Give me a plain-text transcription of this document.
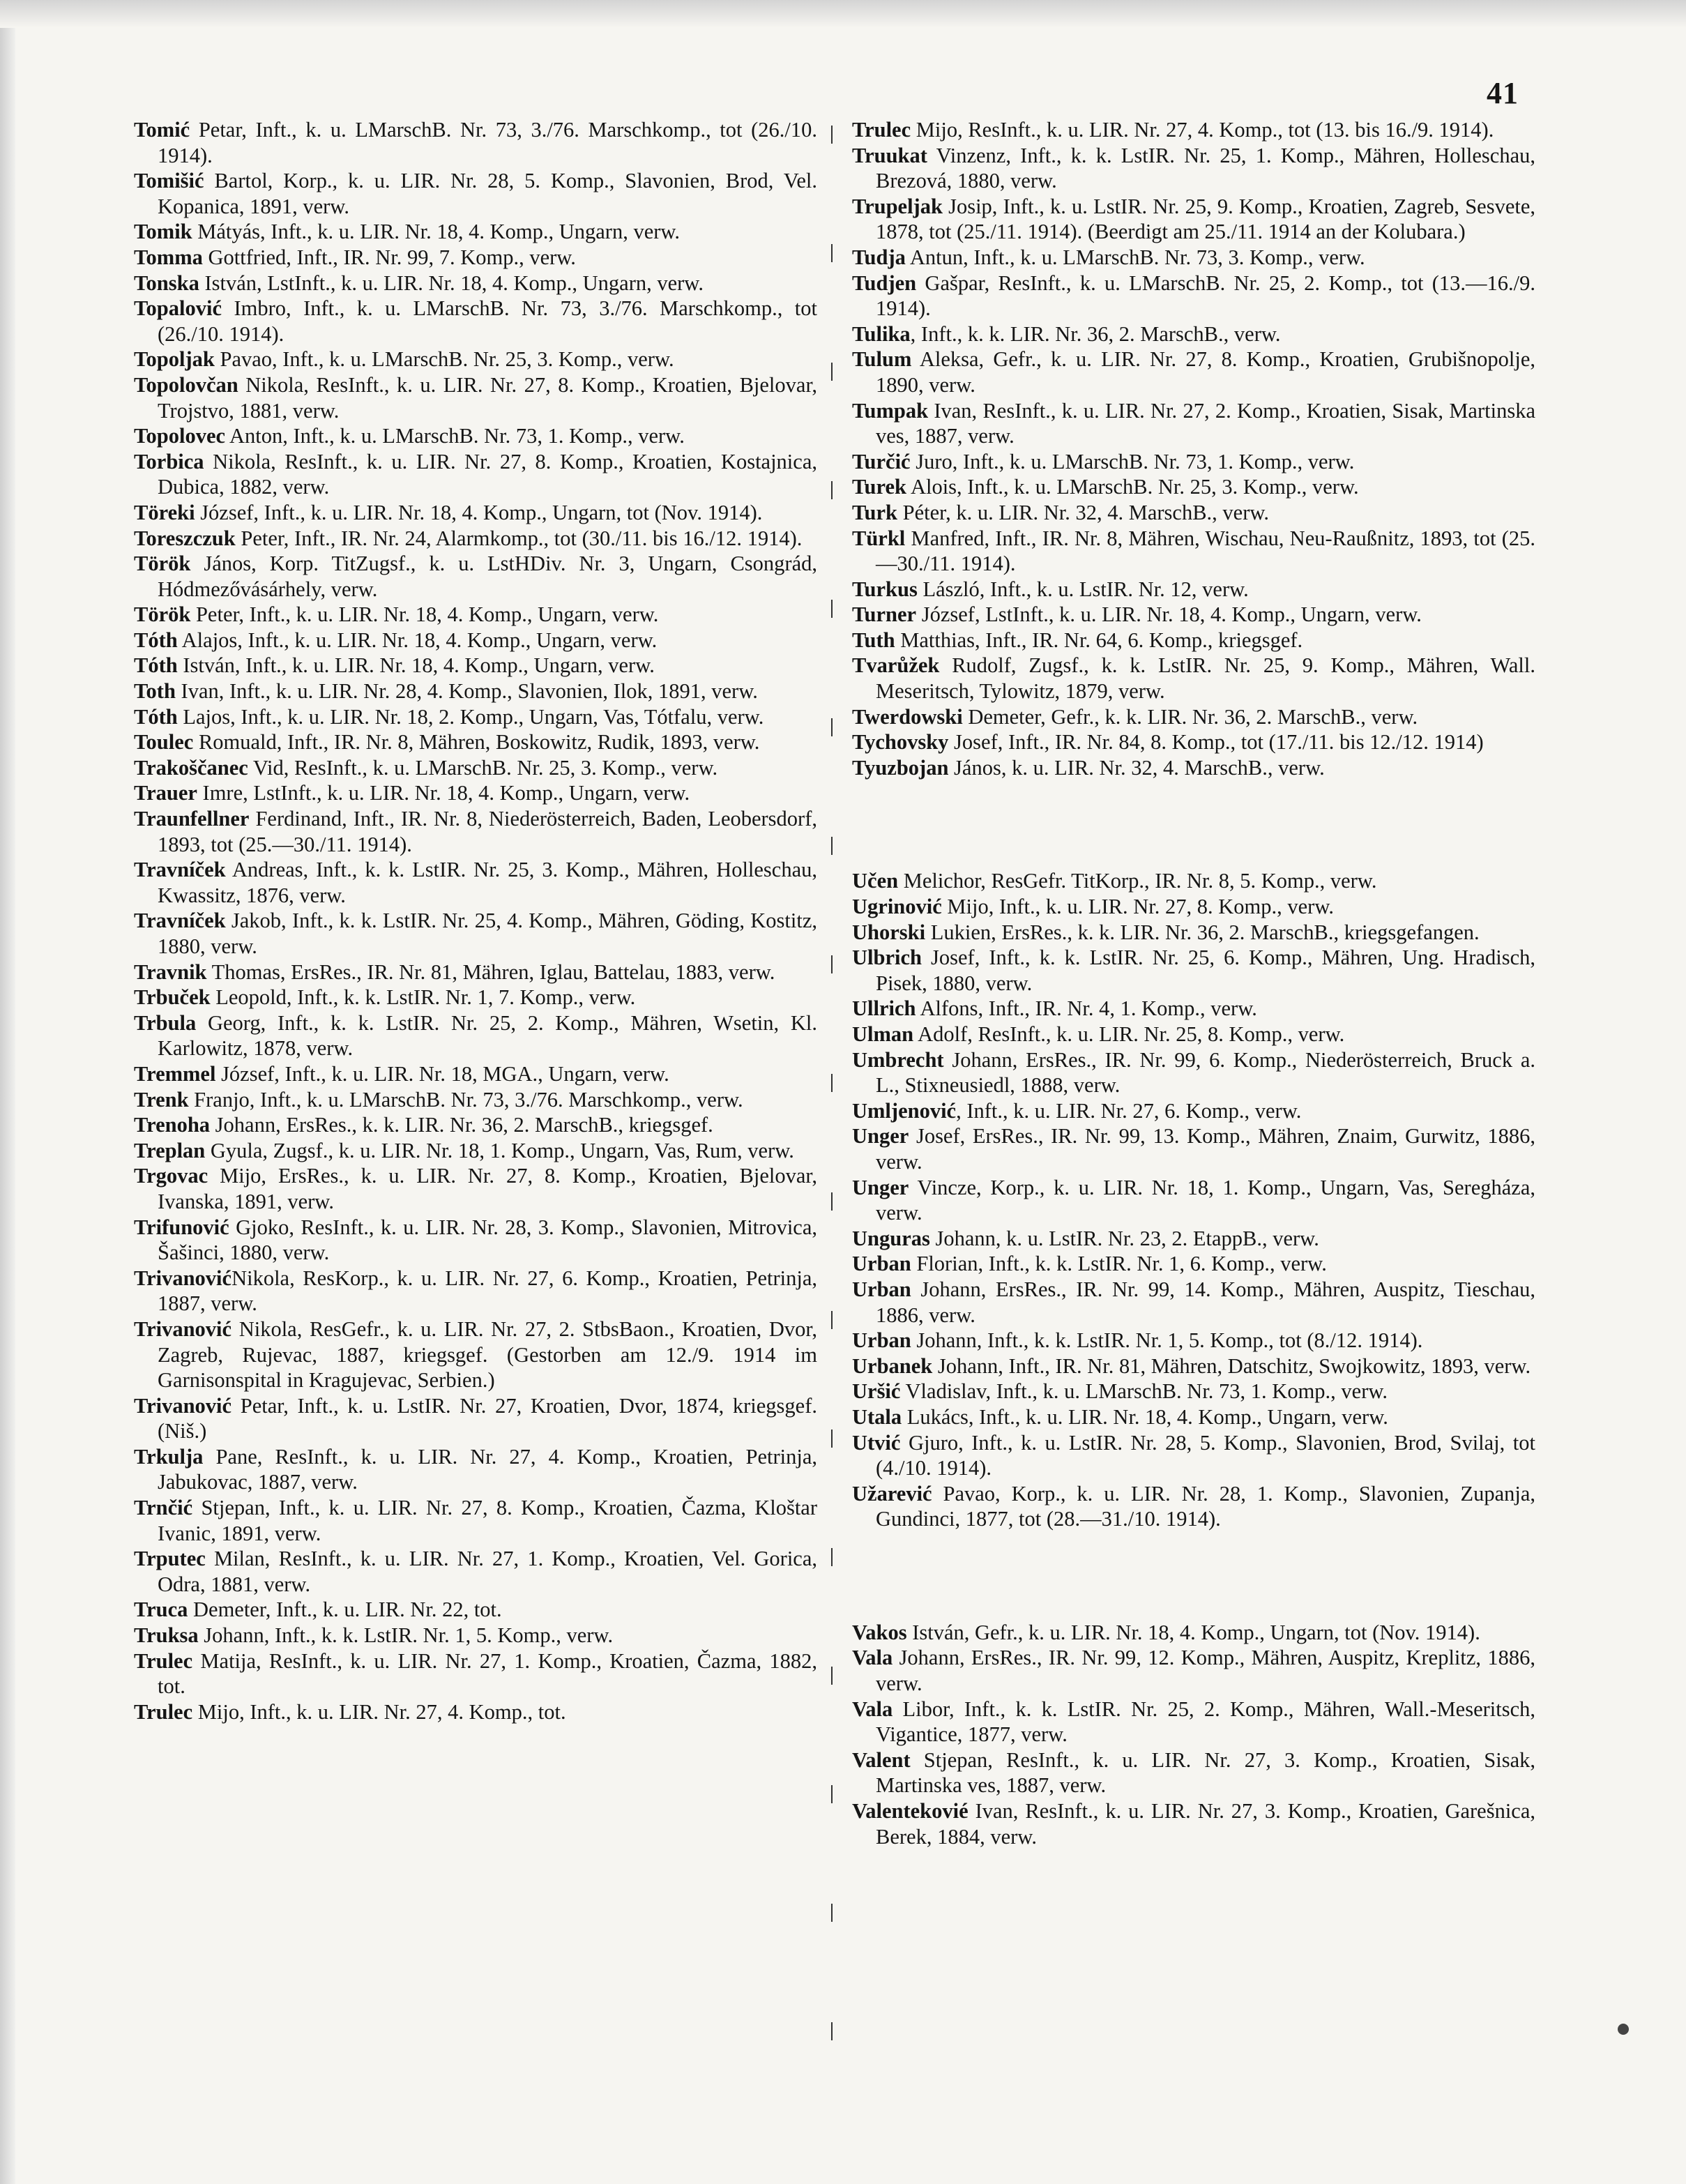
41

Tomić Petar, Inft., k. u. LMarschB. Nr. 73, 3./76. Marschkomp., tot (26./10. 1914).

Tomišić Bartol, Korp., k. u. LIR. Nr. 28, 5. Komp., Slavonien, Brod, Vel. Kopanica, 1891, verw.

Tomik Mátyás, Inft., k. u. LIR. Nr. 18, 4. Komp., Ungarn, verw.

Tomma Gottfried, Inft., IR. Nr. 99, 7. Komp., verw.

Tonska István, LstInft., k. u. LIR. Nr. 18, 4. Komp., Ungarn, verw.

Topalović Imbro, Inft., k. u. LMarschB. Nr. 73, 3./76. Marschkomp., tot (26./10. 1914).

Topoljak Pavao, Inft., k. u. LMarschB. Nr. 25, 3. Komp., verw.

Topolovčan Nikola, ResInft., k. u. LIR. Nr. 27, 8. Komp., Kroatien, Bjelovar, Trojstvo, 1881, verw.

Topolovec Anton, Inft., k. u. LMarschB. Nr. 73, 1. Komp., verw.

Torbica Nikola, ResInft., k. u. LIR. Nr. 27, 8. Komp., Kroatien, Kostajnica, Dubica, 1882, verw.

Töreki József, Inft., k. u. LIR. Nr. 18, 4. Komp., Ungarn, tot (Nov. 1914).

Toreszczuk Peter, Inft., IR. Nr. 24, Alarmkomp., tot (30./11. bis 16./12. 1914).

Török János, Korp. TitZugsf., k. u. LstHDiv. Nr. 3, Ungarn, Csongrád, Hódmezővásárhely, verw.

Török Peter, Inft., k. u. LIR. Nr. 18, 4. Komp., Ungarn, verw.

Tóth Alajos, Inft., k. u. LIR. Nr. 18, 4. Komp., Ungarn, verw.

Tóth István, Inft., k. u. LIR. Nr. 18, 4. Komp., Ungarn, verw.

Toth Ivan, Inft., k. u. LIR. Nr. 28, 4. Komp., Slavonien, Ilok, 1891, verw.

Tóth Lajos, Inft., k. u. LIR. Nr. 18, 2. Komp., Ungarn, Vas, Tótfalu, verw.

Toulec Romuald, Inft., IR. Nr. 8, Mähren, Boskowitz, Rudik, 1893, verw.

Trakoščanec Vid, ResInft., k. u. LMarschB. Nr. 25, 3. Komp., verw.

Trauer Imre, LstInft., k. u. LIR. Nr. 18, 4. Komp., Ungarn, verw.

Traunfellner Ferdinand, Inft., IR. Nr. 8, Niederösterreich, Baden, Leobersdorf, 1893, tot (25.—30./11. 1914).

Travníček Andreas, Inft., k. k. LstIR. Nr. 25, 3. Komp., Mähren, Holleschau, Kwassitz, 1876, verw.

Travníček Jakob, Inft., k. k. LstIR. Nr. 25, 4. Komp., Mähren, Göding, Kostitz, 1880, verw.

Travnik Thomas, ErsRes., IR. Nr. 81, Mähren, Iglau, Battelau, 1883, verw.

Trbuček Leopold, Inft., k. k. LstIR. Nr. 1, 7. Komp., verw.

Trbula Georg, Inft., k. k. LstIR. Nr. 25, 2. Komp., Mähren, Wsetin, Kl. Karlowitz, 1878, verw.

Tremmel József, Inft., k. u. LIR. Nr. 18, MGA., Ungarn, verw.

Trenk Franjo, Inft., k. u. LMarschB. Nr. 73, 3./76. Marschkomp., verw.

Trenoha Johann, ErsRes., k. k. LIR. Nr. 36, 2. MarschB., kriegsgef.

Treplan Gyula, Zugsf., k. u. LIR. Nr. 18, 1. Komp., Ungarn, Vas, Rum, verw.

Trgovac Mijo, ErsRes., k. u. LIR. Nr. 27, 8. Komp., Kroatien, Bjelovar, Ivanska, 1891, verw.

Trifunović Gjoko, ResInft., k. u. LIR. Nr. 28, 3. Komp., Slavonien, Mitrovica, Šašinci, 1880, verw.

TrivanovićNikola, ResKorp., k. u. LIR. Nr. 27, 6. Komp., Kroatien, Petrinja, 1887, verw.

Trivanović Nikola, ResGefr., k. u. LIR. Nr. 27, 2. StbsBaon., Kroatien, Dvor, Zagreb, Rujevac, 1887, kriegsgef. (Gestorben am 12./9. 1914 im Garnisonspital in Kragujevac, Serbien.)

Trivanović Petar, Inft., k. u. LstIR. Nr. 27, Kroatien, Dvor, 1874, kriegsgef. (Niš.)

Trkulja Pane, ResInft., k. u. LIR. Nr. 27, 4. Komp., Kroatien, Petrinja, Jabukovac, 1887, verw.

Trnčić Stjepan, Inft., k. u. LIR. Nr. 27, 8. Komp., Kroatien, Čazma, Kloštar Ivanic, 1891, verw.

Trputec Milan, ResInft., k. u. LIR. Nr. 27, 1. Komp., Kroatien, Vel. Gorica, Odra, 1881, verw.

Truca Demeter, Inft., k. u. LIR. Nr. 22, tot.

Truksa Johann, Inft., k. k. LstIR. Nr. 1, 5. Komp., verw.

Trulec Matija, ResInft., k. u. LIR. Nr. 27, 1. Komp., Kroatien, Čazma, 1882, tot.

Trulec Mijo, Inft., k. u. LIR. Nr. 27, 4. Komp., tot.

Trulec Mijo, ResInft., k. u. LIR. Nr. 27, 4. Komp., tot (13. bis 16./9. 1914).

Truukat Vinzenz, Inft., k. k. LstIR. Nr. 25, 1. Komp., Mähren, Holleschau, Brezová, 1880, verw.

Trupeljak Josip, Inft., k. u. LstIR. Nr. 25, 9. Komp., Kroatien, Zagreb, Sesvete, 1878, tot (25./11. 1914). (Beerdigt am 25./11. 1914 an der Kolubara.)

Tudja Antun, Inft., k. u. LMarschB. Nr. 73, 3. Komp., verw.

Tudjen Gašpar, ResInft., k. u. LMarschB. Nr. 25, 2. Komp., tot (13.—16./9. 1914).

Tulika, Inft., k. k. LIR. Nr. 36, 2. MarschB., verw.

Tulum Aleksa, Gefr., k. u. LIR. Nr. 27, 8. Komp., Kroatien, Grubišnopolje, 1890, verw.

Tumpak Ivan, ResInft., k. u. LIR. Nr. 27, 2. Komp., Kroatien, Sisak, Martinska ves, 1887, verw.

Turčić Juro, Inft., k. u. LMarschB. Nr. 73, 1. Komp., verw.

Turek Alois, Inft., k. u. LMarschB. Nr. 25, 3. Komp., verw.

Turk Péter, k. u. LIR. Nr. 32, 4. MarschB., verw.

Türkl Manfred, Inft., IR. Nr. 8, Mähren, Wischau, Neu-Raußnitz, 1893, tot (25.—30./11. 1914).

Turkus László, Inft., k. u. LstIR. Nr. 12, verw.

Turner József, LstInft., k. u. LIR. Nr. 18, 4. Komp., Ungarn, verw.

Tuth Matthias, Inft., IR. Nr. 64, 6. Komp., kriegsgef.

Tvarůžek Rudolf, Zugsf., k. k. LstIR. Nr. 25, 9. Komp., Mähren, Wall. Meseritsch, Tylowitz, 1879, verw.

Twerdowski Demeter, Gefr., k. k. LIR. Nr. 36, 2. MarschB., verw.

Tychovsky Josef, Inft., IR. Nr. 84, 8. Komp., tot (17./11. bis 12./12. 1914)

Tyuzbojan János, k. u. LIR. Nr. 32, 4. MarschB., verw.

Učen Melichor, ResGefr. TitKorp., IR. Nr. 8, 5. Komp., verw.

Ugrinović Mijo, Inft., k. u. LIR. Nr. 27, 8. Komp., verw.

Uhorski Lukien, ErsRes., k. k. LIR. Nr. 36, 2. MarschB., kriegsgefangen.

Ulbrich Josef, Inft., k. k. LstIR. Nr. 25, 6. Komp., Mähren, Ung. Hradisch, Pisek, 1880, verw.

Ullrich Alfons, Inft., IR. Nr. 4, 1. Komp., verw.

Ulman Adolf, ResInft., k. u. LIR. Nr. 25, 8. Komp., verw.

Umbrecht Johann, ErsRes., IR. Nr. 99, 6. Komp., Niederösterreich, Bruck a. L., Stixneusiedl, 1888, verw.

Umljenović, Inft., k. u. LIR. Nr. 27, 6. Komp., verw.

Unger Josef, ErsRes., IR. Nr. 99, 13. Komp., Mähren, Znaim, Gurwitz, 1886, verw.

Unger Vincze, Korp., k. u. LIR. Nr. 18, 1. Komp., Ungarn, Vas, Seregháza, verw.

Unguras Johann, k. u. LstIR. Nr. 23, 2. EtappB., verw.

Urban Florian, Inft., k. k. LstIR. Nr. 1, 6. Komp., verw.

Urban Johann, ErsRes., IR. Nr. 99, 14. Komp., Mähren, Auspitz, Tieschau, 1886, verw.

Urban Johann, Inft., k. k. LstIR. Nr. 1, 5. Komp., tot (8./12. 1914).

Urbanek Johann, Inft., IR. Nr. 81, Mähren, Datschitz, Swojkowitz, 1893, verw.

Uršić Vladislav, Inft., k. u. LMarschB. Nr. 73, 1. Komp., verw.

Utala Lukács, Inft., k. u. LIR. Nr. 18, 4. Komp., Ungarn, verw.

Utvić Gjuro, Inft., k. u. LstIR. Nr. 28, 5. Komp., Slavonien, Brod, Svilaj, tot (4./10. 1914).

Užarević Pavao, Korp., k. u. LIR. Nr. 28, 1. Komp., Slavonien, Zupanja, Gundinci, 1877, tot (28.—31./10. 1914).

Vakos István, Gefr., k. u. LIR. Nr. 18, 4. Komp., Ungarn, tot (Nov. 1914).

Vala Johann, ErsRes., IR. Nr. 99, 12. Komp., Mähren, Auspitz, Kreplitz, 1886, verw.

Vala Libor, Inft., k. k. LstIR. Nr. 25, 2. Komp., Mähren, Wall.-Meseritsch, Vigantice, 1877, verw.

Valent Stjepan, ResInft., k. u. LIR. Nr. 27, 3. Komp., Kroatien, Sisak, Martinska ves, 1887, verw.

Valentekovié Ivan, ResInft., k. u. LIR. Nr. 27, 3. Komp., Kroatien, Garešnica, Berek, 1884, verw.
